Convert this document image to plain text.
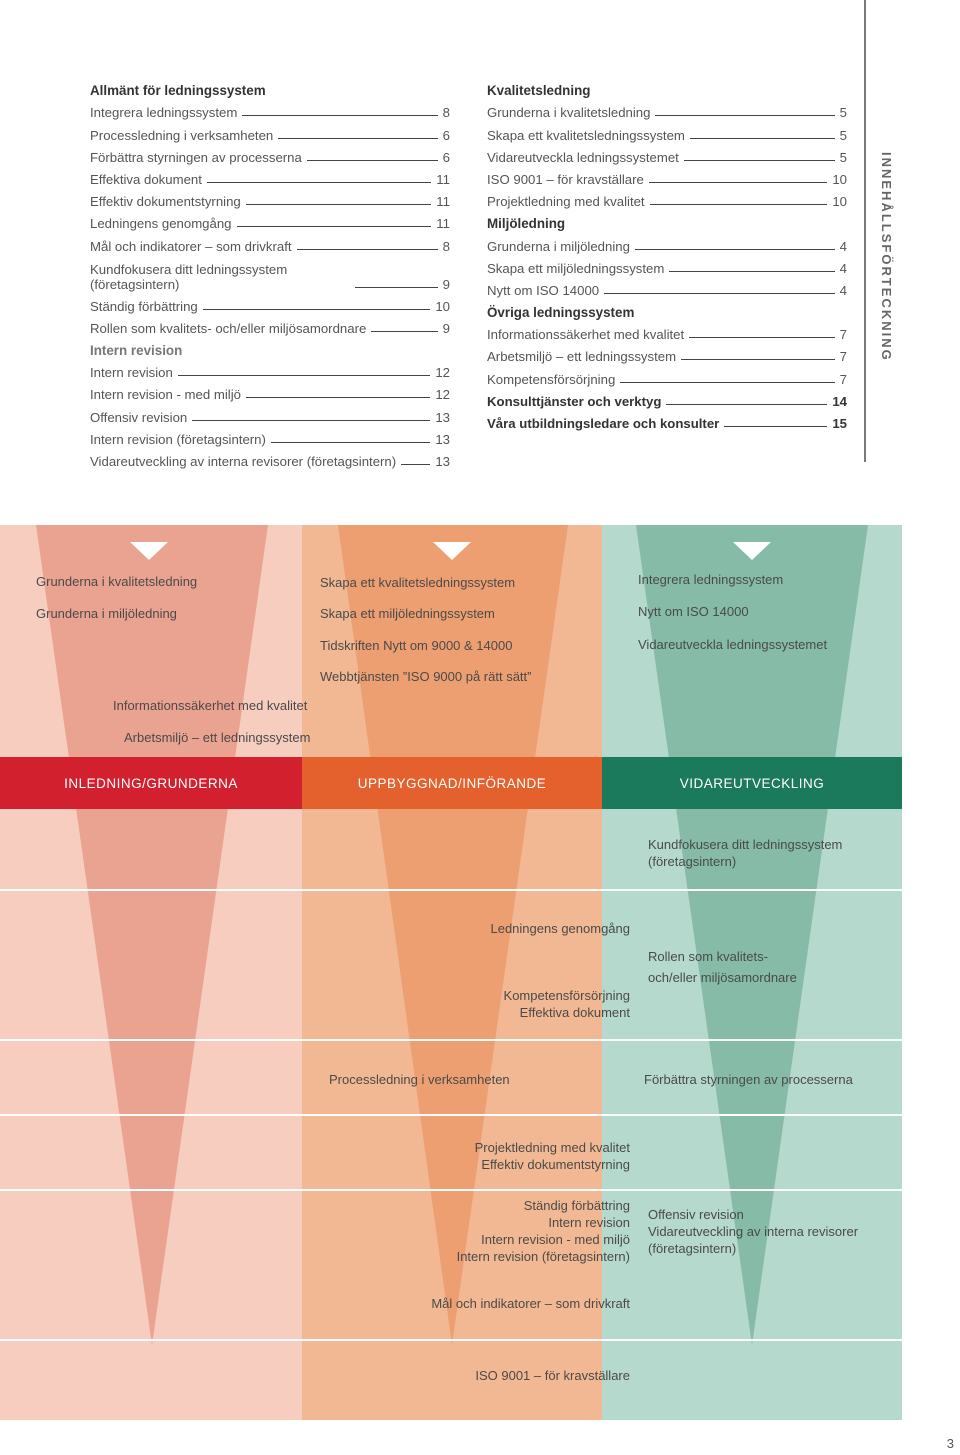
INNEHÅLLSFÖRTECKNING
Allmänt för ledningssystem
Integrera ledningssystem	8
Processledning i verksamheten	6
Förbättra styrningen av processerna	6
Effektiva dokument	11
Effektiv dokumentstyrning	11
Ledningens genomgång	11
Mål och indikatorer – som drivkraft	8
Kundfokusera ditt ledningssystem (företagsintern)	9
Ständig förbättring	10
Rollen som kvalitets- och/eller miljösamordnare	9
Intern revision
Intern revision	12
Intern revision - med miljö	12
Offensiv revision	13
Intern revision (företagsintern)	13
Vidareutveckling av interna revisorer (företagsintern)	13
Kvalitetsledning
Grunderna i kvalitetsledning	5
Skapa ett kvalitetsledningssystem	5
Vidareutveckla ledningssystemet	5
ISO 9001 – för kravställare	10
Projektledning med kvalitet	10
Miljöledning
Grunderna i miljöledning	4
Skapa ett miljöledningssystem	4
Nytt om ISO 14000	4
Övriga ledningssystem
Informationssäkerhet med kvalitet	7
Arbetsmiljö – ett ledningssystem	7
Kompetensförsörjning	7
Konsulttjänster och verktyg	14
Våra utbildningsledare och konsulter	15
INLEDNING/GRUNDERNA	UPPBYGGNAD/INFÖRANDE	VIDAREUTVECKLING
Grunderna i kvalitetsledning
Grunderna i miljöledning
Skapa ett kvalitetsledningssystem
Skapa ett miljöledningssystem
Tidskriften Nytt om 9000 & 14000
Webbtjänsten ”ISO 9000 på rätt sätt”
Integrera ledningssystem
Nytt om ISO 14000
Vidareutveckla ledningssystemet
Informationssäkerhet med kvalitet
Arbetsmiljö – ett ledningssystem
Kundfokusera ditt ledningssystem
(företagsintern)
Ledningens genomgång
Rollen som kvalitets-
och/eller miljösamordnare
Kompetensförsörjning
Effektiva dokument
Processledning i verksamheten	Förbättra styrningen av processerna
Projektledning med kvalitet
Effektiv dokumentstyrning
Ständig förbättring
Intern revision
Intern revision - med miljö
Intern revision (företagsintern)
Offensiv revision
Vidareutveckling av interna revisorer
(företagsintern)
Mål och indikatorer – som drivkraft
ISO 9001 – för kravställare
3
